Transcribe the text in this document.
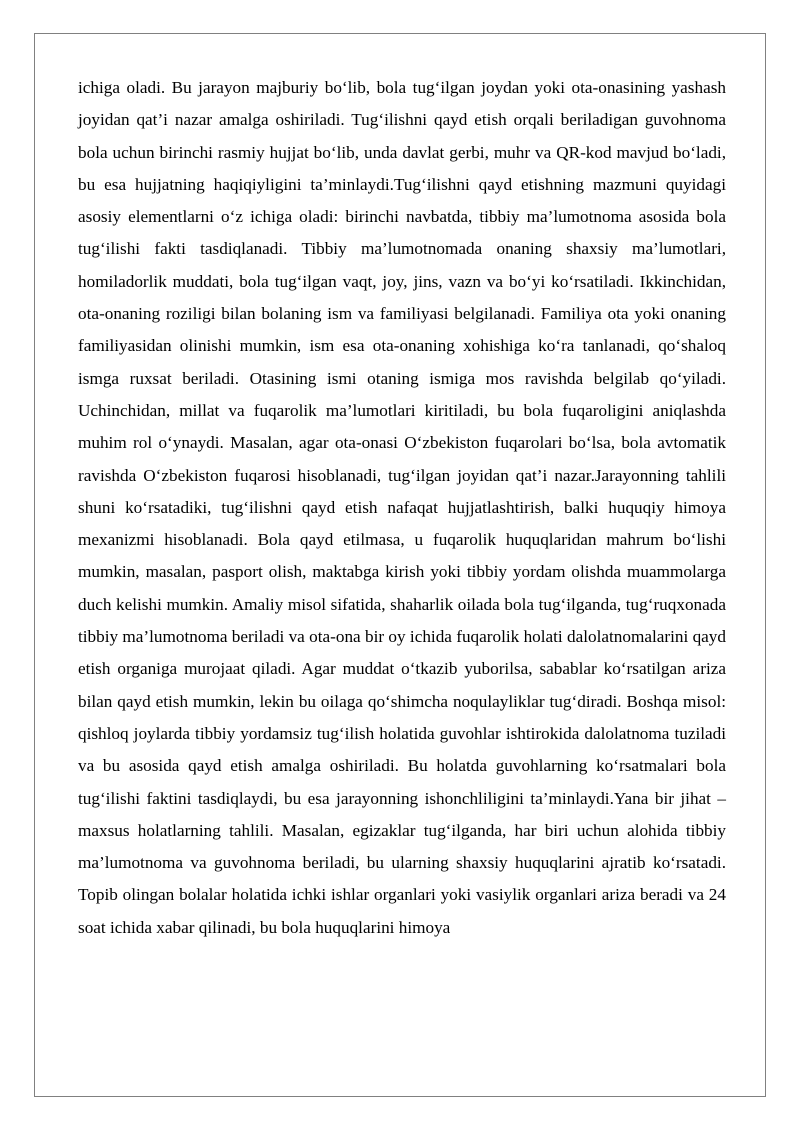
ichiga oladi. Bu jarayon majburiy bo‘lib, bola tug‘ilgan joydan yoki ota-onasining yashash joyidan qat’i nazar amalga oshiriladi. Tug‘ilishni qayd etish orqali beriladigan guvohnoma bola uchun birinchi rasmiy hujjat bo‘lib, unda davlat gerbi, muhr va QR-kod mavjud bo‘ladi, bu esa hujjatning haqiqiyligini ta’minlaydi.Tug‘ilishni qayd etishning mazmuni quyidagi asosiy elementlarni o‘z ichiga oladi: birinchi navbatda, tibbiy ma’lumotnoma asosida bola tug‘ilishi fakti tasdiqlanadi. Tibbiy ma’lumotnomada onaning shaxsiy ma’lumotlari, homiladorlik muddati, bola tug‘ilgan vaqt, joy, jins, vazn va bo‘yi ko‘rsatiladi. Ikkinchidan, ota-onaning roziligi bilan bolaning ism va familiyasi belgilanadi. Familiya ota yoki onaning familiyasidan olinishi mumkin, ism esa ota-onaning xohishiga ko‘ra tanlanadi, qo‘shaloq ismga ruxsat beriladi. Otasining ismi otaning ismiga mos ravishda belgilab qo‘yiladi. Uchinchidan, millat va fuqarolik ma’lumotlari kiritiladi, bu bola fuqaroligini aniqlashda muhim rol o‘ynaydi. Masalan, agar ota-onasi O‘zbekiston fuqarolari bo‘lsa, bola avtomatik ravishda O‘zbekiston fuqarosi hisoblanadi, tug‘ilgan joyidan qat’i nazar.Jarayonning tahlili shuni ko‘rsatadiki, tug‘ilishni qayd etish nafaqat hujjatlashtirish, balki huquqiy himoya mexanizmi hisoblanadi. Bola qayd etilmasa, u fuqarolik huquqlaridan mahrum bo‘lishi mumkin, masalan, pasport olish, maktabga kirish yoki tibbiy yordam olishda muammolarga duch kelishi mumkin. Amaliy misol sifatida, shaharlik oilada bola tug‘ilganda, tug‘ruqxonada tibbiy ma’lumotnoma beriladi va ota-ona bir oy ichida fuqarolik holati dalolatnomalarini qayd etish organiga murojaat qiladi. Agar muddat o‘tkazib yuborilsa, sabablar ko‘rsatilgan ariza bilan qayd etish mumkin, lekin bu oilaga qo‘shimcha noqulayliklar tug‘diradi. Boshqa misol: qishloq joylarda tibbiy yordamsiz tug‘ilish holatida guvohlar ishtirokida dalolatnoma tuziladi va bu asosida qayd etish amalga oshiriladi. Bu holatda guvohlarning ko‘rsatmalari bola tug‘ilishi faktini tasdiqlaydi, bu esa jarayonning ishonchliligini ta’minlaydi.Yana bir jihat – maxsus holatlarning tahlili. Masalan, egizaklar tug‘ilganda, har biri uchun alohida tibbiy ma’lumotnoma va guvohnoma beriladi, bu ularning shaxsiy huquqlarini ajratib ko‘rsatadi. Topib olingan bolalar holatida ichki ishlar organlari yoki vasiylik organlari ariza beradi va 24 soat ichida xabar qilinadi, bu bola huquqlarini himoya
